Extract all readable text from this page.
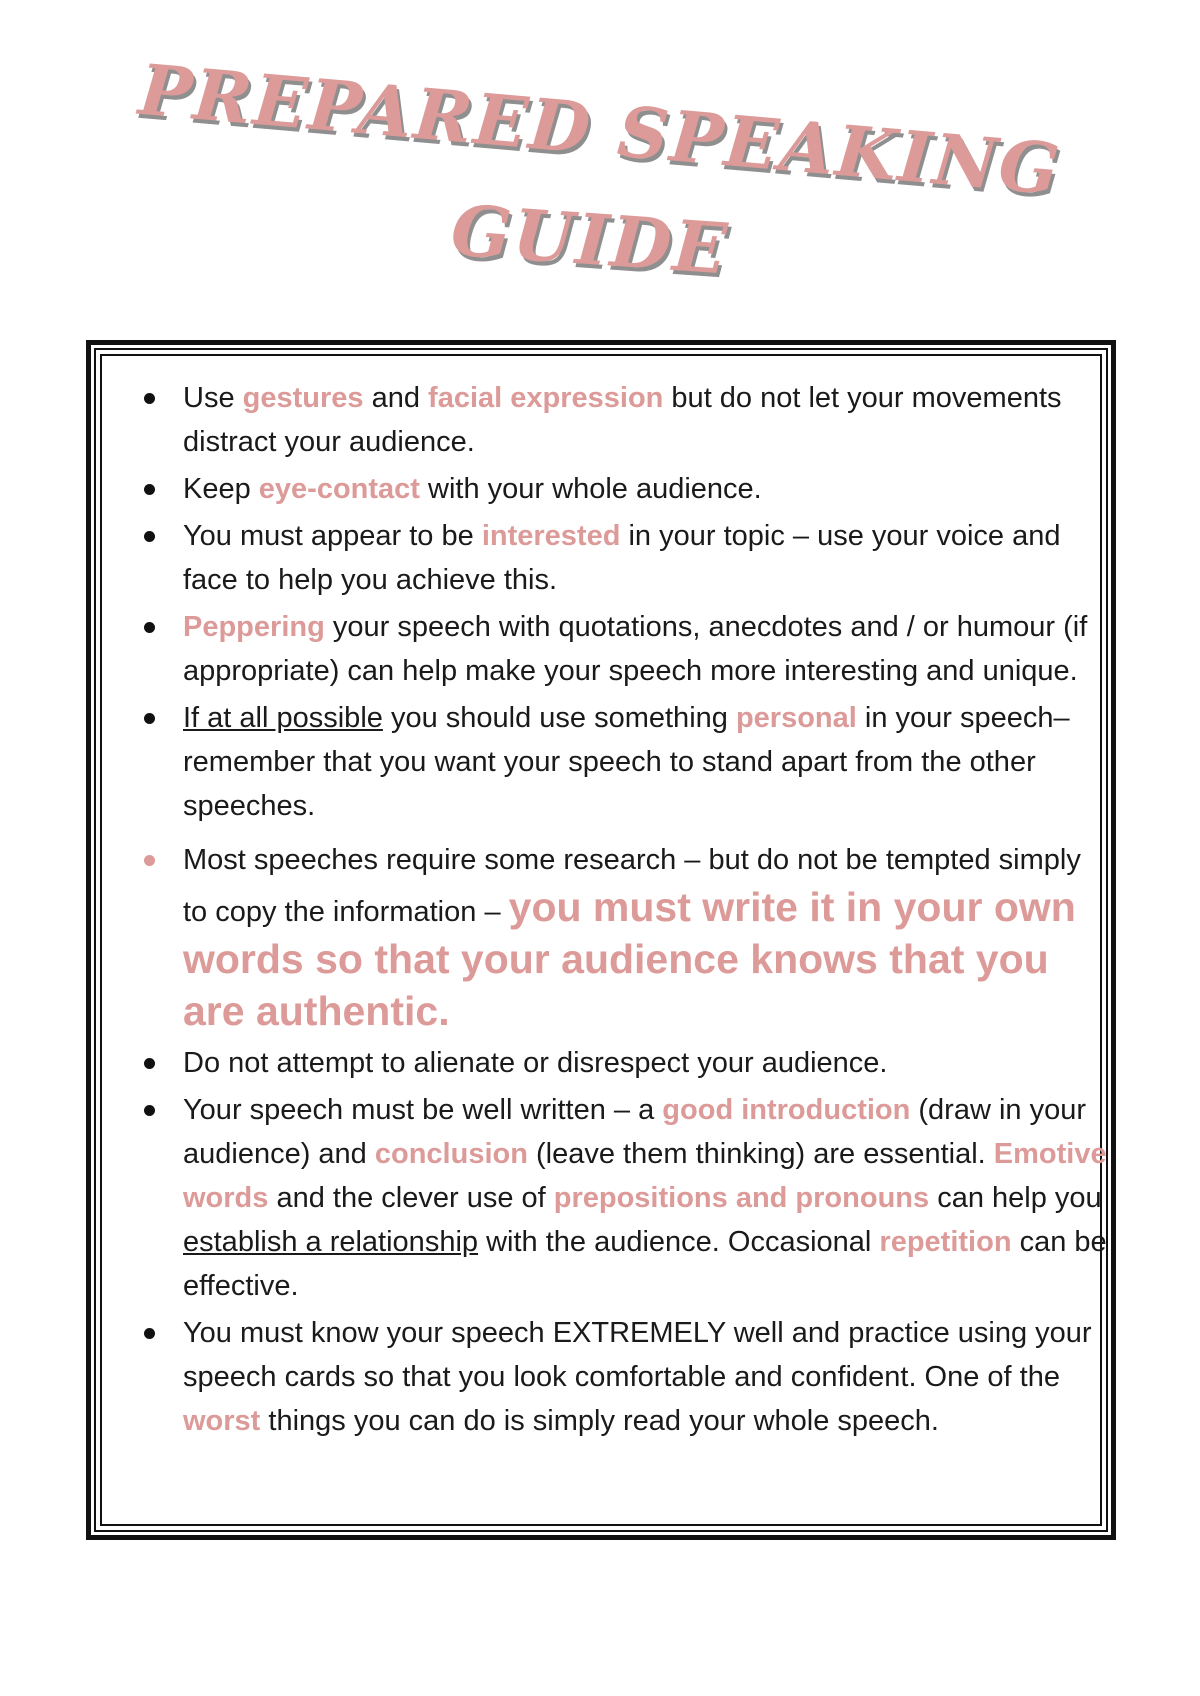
PREPARED SPEAKING
GUIDE
Use gestures and facial expression but do not let your movements distract your audience.
Keep eye-contact with your whole audience.
You must appear to be interested in your topic – use your voice and face to help you achieve this.
Peppering your speech with quotations, anecdotes and / or humour (if appropriate) can help make your speech more interesting and unique.
If at all possible you should use something personal in your speech– remember that you want your speech to stand apart from the other speeches.
Most speeches require some research – but do not be tempted simply to copy the information – you must write it in your own words so that your audience knows that you are authentic.
Do not attempt to alienate or disrespect your audience.
Your speech must be well written – a good introduction (draw in your audience) and conclusion (leave them thinking) are essential. Emotive words and the clever use of prepositions and pronouns can help you establish a relationship with the audience. Occasional repetition can be effective.
You must know your speech EXTREMELY well and practice using your speech cards so that you look comfortable and confident. One of the worst things you can do is simply read your whole speech.
